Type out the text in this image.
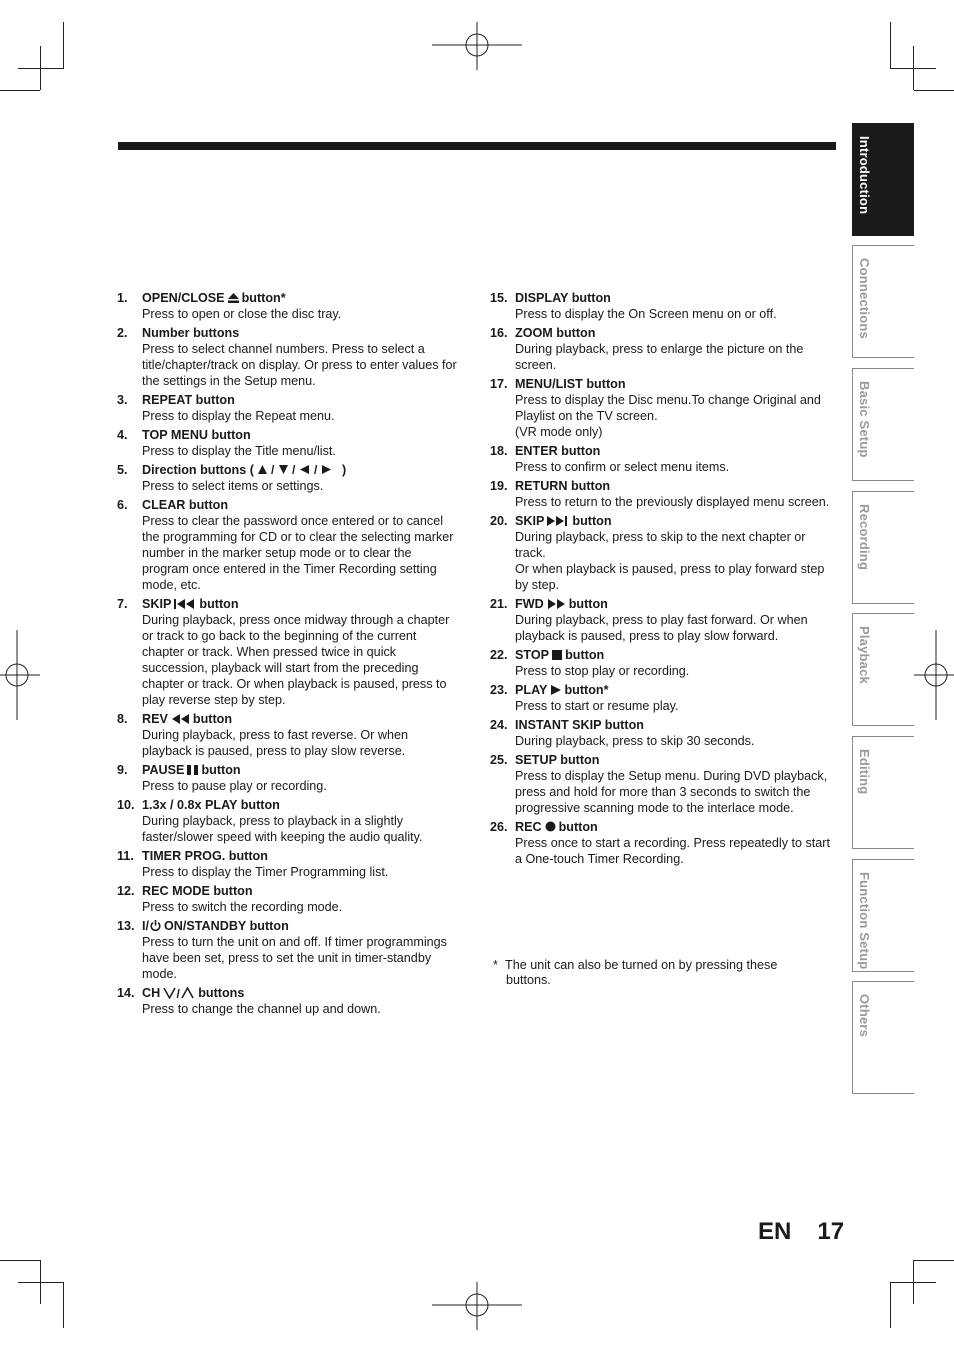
1.	OPEN/CLOSE button*

Press to open or close the disc tray.

2.	Number buttons

Press to select channel numbers. Press to select a title/chapter/track on display. Or press to enter values for the settings in the Setup menu.

3.	REPEAT button

Press to display the Repeat menu.

4.	TOP MENU button

Press to display the Title menu/list.

5.	Direction buttons ( / / / )

Press to select items or settings.

6.	CLEAR button

Press to clear the password once entered or to cancel the programming for CD or to clear the selecting marker number in the marker setup mode or to clear the program once entered in the Timer Recording setting mode, etc.

7.	SKIP button

During playback, press once midway through a chapter or track to go back to the beginning of the current chapter or track. When pressed twice in quick succession, playback will start from the preceding chapter or track. Or when playback is paused, press to play reverse step by step.

8.	REV button

During playback, press to fast reverse. Or when playback is paused, press to play slow reverse.

9.	PAUSE button

Press to pause play or recording.

10. 1.3x / 0.8x PLAY button

During playback, press to playback in a slightly faster/slower speed with keeping the audio quality.

11. TIMER PROG. button

Press to display the Timer Programming list.

12. REC MODE button

Press to switch the recording mode.

13. I/ ON/STANDBY button

Press to turn the unit on and off. If timer programmings have been set, press to set the unit in timer-standby mode.

14. CH / buttons

Press to change the channel up and down.

15. DISPLAY button

Press to display the On Screen menu on or off.

16. ZOOM button

During playback, press to enlarge the picture on the screen.

17. MENU/LIST button

Press to display the Disc menu.To change Original and Playlist on the TV screen.

(VR mode only)

18. ENTER button

Press to confirm or select menu items.

19. RETURN button

Press to return to the previously displayed menu screen.

20. SKIP button

During playback, press to skip to the next chapter or track.

Or when playback is paused, press to play forward step by step.

21. FWD button

During playback, press to play fast forward. Or when playback is paused, press to play slow forward.

22. STOP button

Press to stop play or recording.

23. PLAY button*

Press to start or resume play.

24. INSTANT SKIP button

During playback, press to skip 30 seconds.

25. SETUP button

Press to display the Setup menu. During DVD playback, press and hold for more than 3 seconds to switch the progressive scanning mode to the interlace mode.

26. REC button

Press once to start a recording. Press repeatedly to start a One-touch Timer Recording.

* The unit can also be turned on by pressing these
buttons.
Introduction
Connections
Basic Setup
Recording
Playback
Editing
Function Setup
Others
EN 17
